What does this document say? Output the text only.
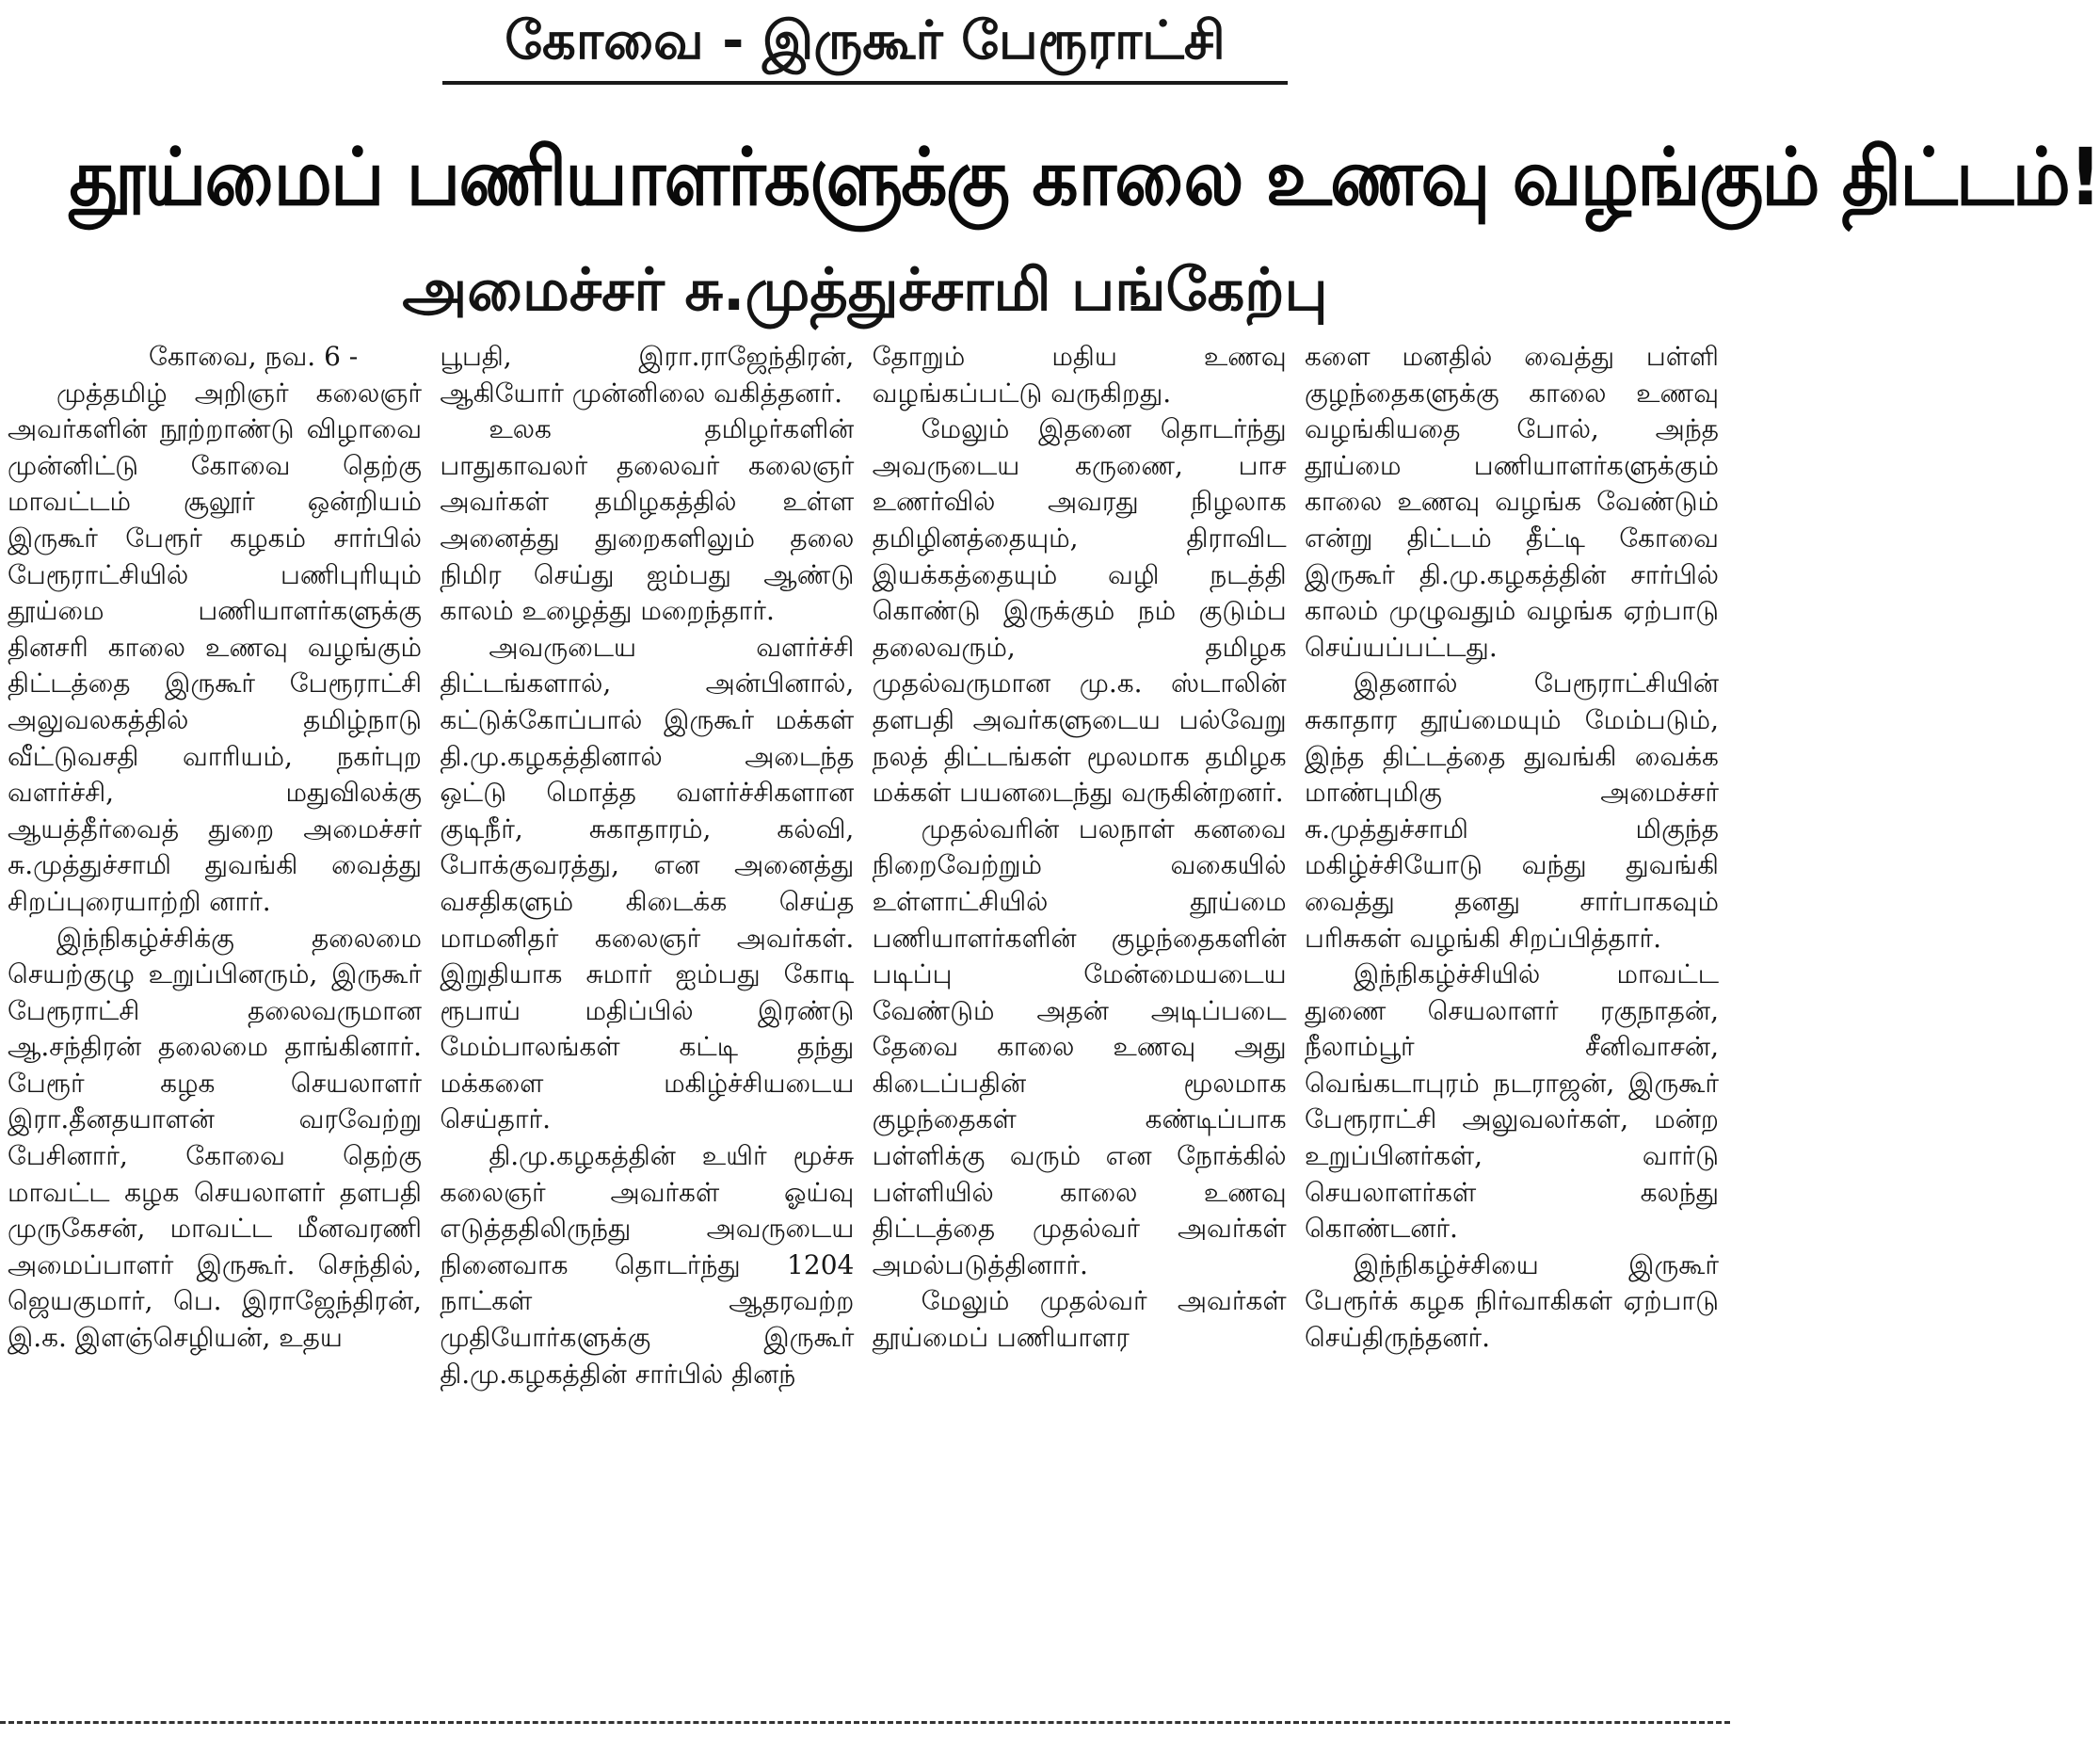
கோவை - இருகூர் பேரூராட்சி
தூய்மைப் பணியாளர்களுக்கு காலை உணவு வழங்கும் திட்டம்!
அமைச்சர் சு.முத்துச்சாமி பங்கேற்பு

கோவை, நவ. 6 -

முத்தமிழ் அறிஞர் கலைஞர் அவர்களின் நூற்றாண்டு விழாவை முன்னிட்டு கோவை தெற்கு மாவட்டம் சூலூர் ஒன்றியம் இருகூர் பேரூர் கழகம் சார்பில் பேரூராட்சியில் பணிபுரியும் தூய்மை பணியாளர்களுக்கு தினசரி காலை உணவு வழங்கும் திட்டத்தை இருகூர் பேரூராட்சி அலுவலகத்தில் தமிழ்நாடு வீட்டுவசதி வாரியம், நகர்புற வளர்ச்சி, மதுவிலக்கு ஆயத்தீர்வைத் துறை அமைச்சர் சு.முத்துச்சாமி துவங்கி வைத்து சிறப்புரையாற்றி னார்.

இந்நிகழ்ச்சிக்கு தலைமை செயற்குழு உறுப்பினரும், இருகூர் பேரூராட்சி தலைவருமான ஆ.சந்திரன் தலைமை தாங்கினார். பேரூர் கழக செயலாளர் இரா.தீனதயாளன் வரவேற்று பேசினார், கோவை தெற்கு மாவட்ட கழக செயலாளர் தளபதி முருகேசன், மாவட்ட மீனவரணி அமைப்பாளர் இருகூர். செந்தில், ஜெயகுமார், பெ. இராஜேந்திரன், இ.க. இளஞ்செழியன், உதய

பூபதி, இரா.ராஜேந்திரன், ஆகியோர் முன்னிலை வகித்தனர்.

உலக தமிழர்களின் பாதுகாவலர் தலைவர் கலைஞர் அவர்கள் தமிழகத்தில் உள்ள அனைத்து துறைகளிலும் தலை நிமிர செய்து ஐம்பது ஆண்டு காலம் உழைத்து மறைந்தார்.

அவருடைய வளர்ச்சி திட்டங்களால், அன்பினால், கட்டுக்கோப்பால் இருகூர் மக்கள் தி.மு.கழகத்தினால் அடைந்த ஒட்டு மொத்த வளர்ச்சிகளான குடிநீர், சுகாதாரம், கல்வி, போக்குவரத்து, என அனைத்து வசதிகளும் கிடைக்க செய்த மாமனிதர் கலைஞர் அவர்கள். இறுதியாக சுமார் ஐம்பது கோடி ரூபாய் மதிப்பில் இரண்டு மேம்பாலங்கள் கட்டி தந்து மக்களை மகிழ்ச்சியடைய செய்தார்.

தி.மு.கழகத்தின் உயிர் மூச்சு கலைஞர் அவர்கள் ஓய்வு எடுத்ததிலிருந்து அவருடைய நினைவாக தொடர்ந்து 1204 நாட்கள் ஆதரவற்ற முதியோர்களுக்கு இருகூர் தி.மு.கழகத்தின் சார்பில் தினந்

தோறும் மதிய உணவு வழங்கப்பட்டு வருகிறது.

மேலும் இதனை தொடர்ந்து அவருடைய கருணை, பாச உணர்வில் அவரது நிழலாக தமிழினத்தையும், திராவிட இயக்கத்தையும் வழி நடத்தி கொண்டு இருக்கும் நம் குடும்ப தலைவரும், தமிழக முதல்வருமான மு.க. ஸ்டாலின் தளபதி அவர்களுடைய பல்வேறு நலத் திட்டங்கள் மூலமாக தமிழக மக்கள் பயனடைந்து வருகின்றனர்.

முதல்வரின் பலநாள் கனவை நிறைவேற்றும் வகையில் உள்ளாட்சியில் தூய்மை பணியாளர்களின் குழந்தைகளின் படிப்பு மேன்மையடைய வேண்டும் அதன் அடிப்படை தேவை காலை உணவு அது கிடைப்பதின் மூலமாக குழந்தைகள் கண்டிப்பாக பள்ளிக்கு வரும் என நோக்கில் பள்ளியில் காலை உணவு திட்டத்தை முதல்வர் அவர்கள் அமல்படுத்தினார்.

மேலும் முதல்வர் அவர்கள் தூய்மைப் பணியாளர

களை மனதில் வைத்து பள்ளி குழந்தைகளுக்கு காலை உணவு வழங்கியதை போல், அந்த தூய்மை பணியாளர்களுக்கும் காலை உணவு வழங்க வேண்டும் என்று திட்டம் தீட்டி கோவை இருகூர் தி.மு.கழகத்தின் சார்பில் காலம் முழுவதும் வழங்க ஏற்பாடு செய்யப்பட்டது.

இதனால் பேரூராட்சியின் சுகாதார தூய்மையும் மேம்படும், இந்த திட்டத்தை துவங்கி வைக்க மாண்புமிகு அமைச்சர் சு.முத்துச்சாமி மிகுந்த மகிழ்ச்சியோடு வந்து துவங்கி வைத்து தனது சார்பாகவும் பரிசுகள் வழங்கி சிறப்பித்தார்.

இந்நிகழ்ச்சியில் மாவட்ட துணை செயலாளர் ரகுநாதன், நீலாம்பூர் சீனிவாசன், வெங்கடாபுரம் நடராஜன், இருகூர் பேரூராட்சி அலுவலர்கள், மன்ற உறுப்பினர்கள், வார்டு செயலாளர்கள் கலந்து கொண்டனர்.

இந்நிகழ்ச்சியை இருகூர் பேரூர்க் கழக நிர்வாகிகள் ஏற்பாடு செய்திருந்தனர்.
